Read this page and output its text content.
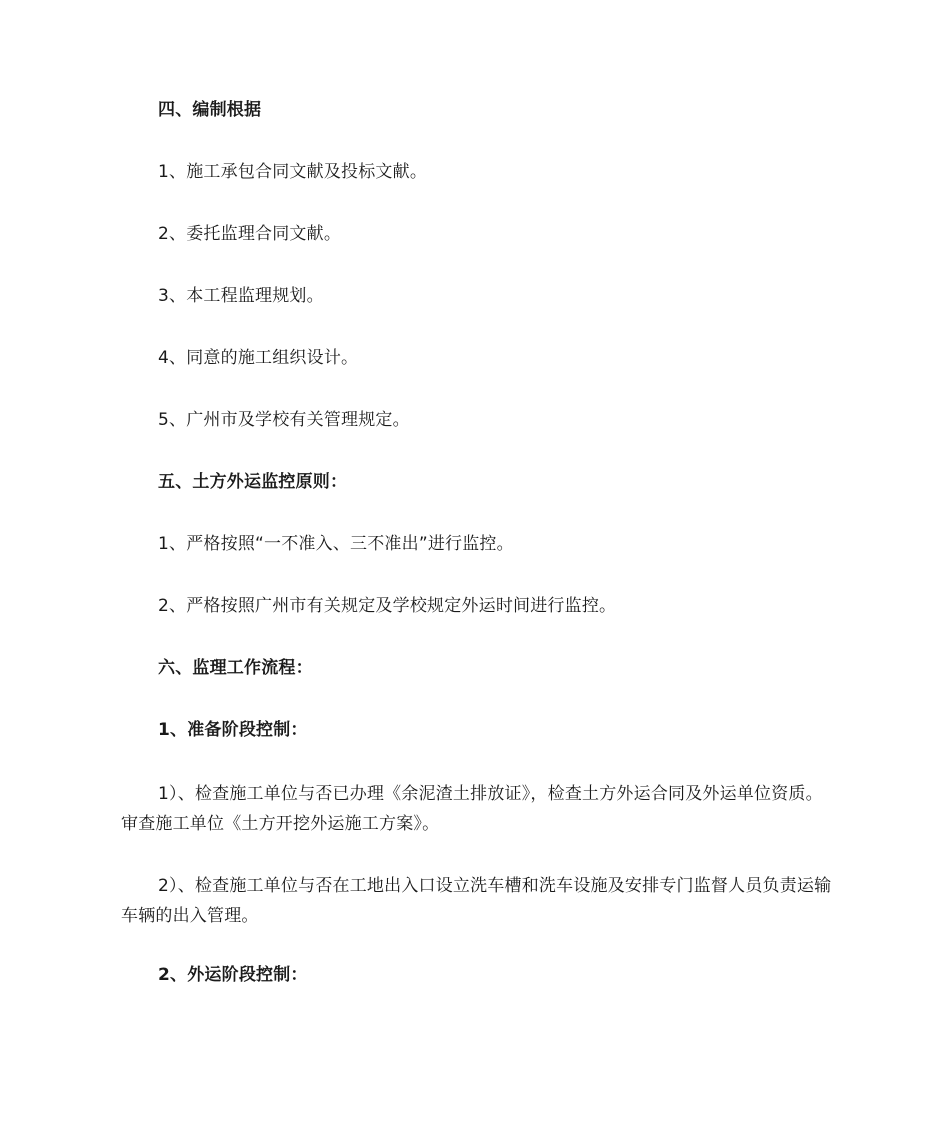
四、编制根据
1、施工承包合同文献及投标文献。
2、委托监理合同文献。
3、本工程监理规划。
4、同意的施工组织设计。
5、广州市及学校有关管理规定。
五、土方外运监控原则：
1、严格按照“一不准入、三不准出”进行监控。
2、严格按照广州市有关规定及学校规定外运时间进行监控。
六、监理工作流程：
1、准备阶段控制：
1）、检查施工单位与否已办理《余泥渣土排放证》，检查土方外运合同及外运单位资质。审查施工单位《土方开挖外运施工方案》。
2）、检查施工单位与否在工地出入口设立洗车槽和洗车设施及安排专门监督人员负责运输车辆的出入管理。
2、外运阶段控制：
